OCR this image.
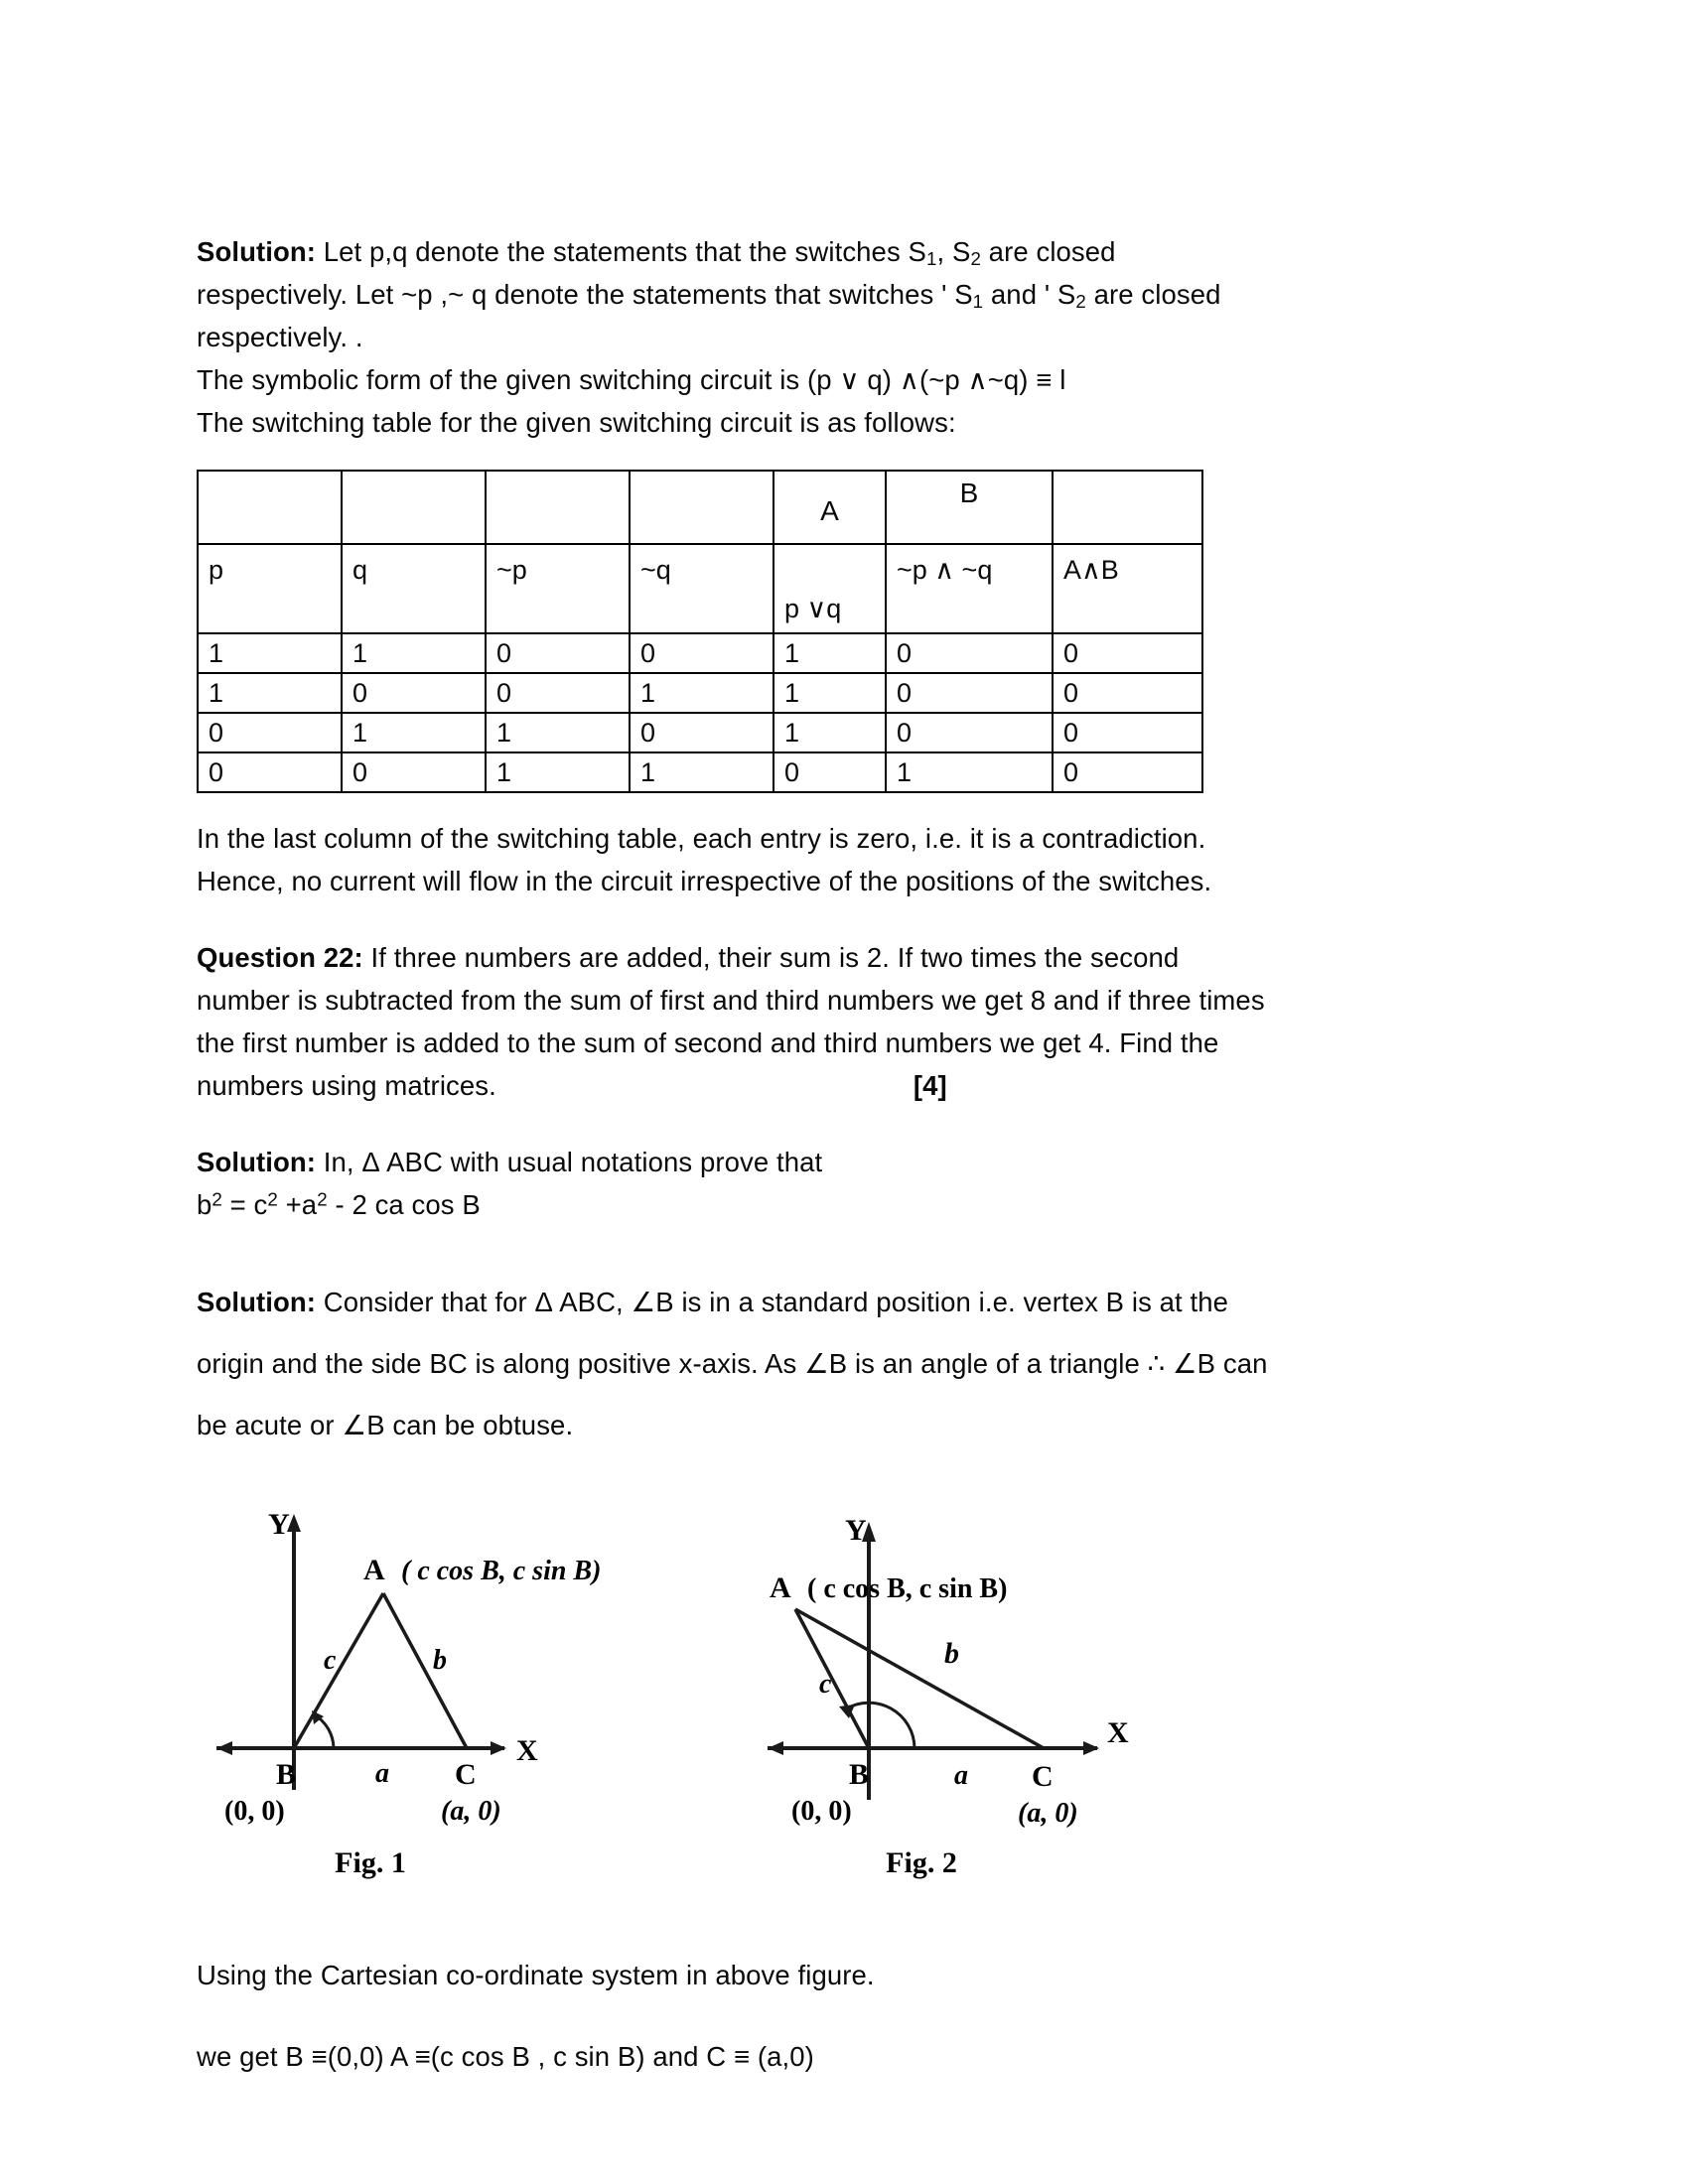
Solution: Let p,q denote the statements that the switches $S_1$, $S_2$ are closed
respectively. Let ~p ,~ q denote the statements that switches ' $S_1$ and ' $S_2$ are closed
respectively. .
The symbolic form of the given switching circuit is (p ∨ q) ∧(~p ∧~q) ≡ l
The switching table for the given switching circuit is as follows:

				A	B	

p	q	~p	~q	p ∨q	~p ∧ ~q	A∧B

1	1	0	0	1	0	0
1	0	0	1	1	0	0
0	1	1	0	1	0	0
0	0	1	1	0	1	0
In the last column of the switching table, each entry is zero, i.e. it is a contradiction.
Hence, no current will flow in the circuit irrespective of the positions of the switches.
Question 22: If three numbers are added, their sum is 2. If two times the second
number is subtracted from the sum of first and third numbers we get 8 and if three times
the first number is added to the sum of second and third numbers we get 4. Find the
numbers using matrices.	[4]
Solution: In, Δ ABC with usual notations prove that
$b^2 = c^2 +a^2 - 2$ ca cos B
Solution: Consider that for Δ ABC, ∠B is in a standard position i.e. vertex B is at the
origin and the side BC is along positive x-axis. As ∠B is an angle of a triangle ∴ ∠B can
be acute or ∠B can be obtuse.
Y
X
A ( c cos B, c sin B)
B
(0, 0)
C
(a, 0)
c	b
a
Fig. 1
Y
X
A ( c cos B, c sin B)
B
(0, 0)
C
(a, 0)
c
b
a
Fig. 2
Using the Cartesian co-ordinate system in above figure.
we get B ≡(0,0) A ≡(c cos B , c sin B) and C ≡ (a,0)
